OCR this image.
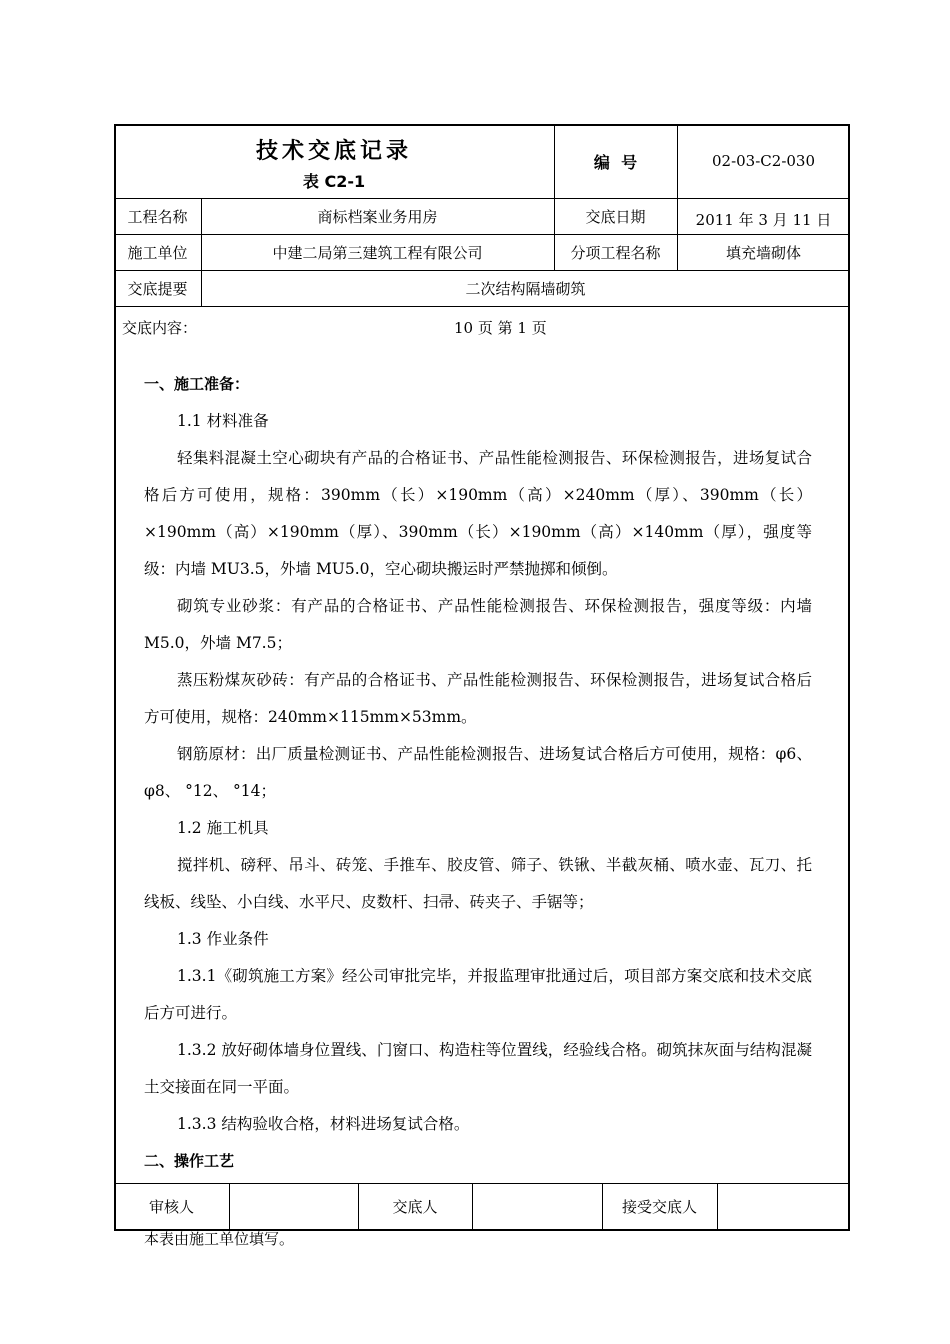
技术交底记录
表 C2-1
编  号	02-03-C2-030
工程名称	商标档案业务用房	交底日期	2011 年 3 月 11 日
施工单位	中建二局第三建筑工程有限公司	分项工程名称	填充墙砌体
交底提要	二次结构隔墙砌筑
交底内容：	10 页 第 1 页
审核人	交底人	接受交底人

一、施工准备：

1.1 材料准备

轻集料混凝土空心砌块有产品的合格证书、产品性能检测报告、环保检测报告，进场复试合格后方可使用，规格：390mm（长）×190mm（高）×240mm（厚）、390mm（长）×190mm（高）×190mm（厚）、390mm（长）×190mm（高）×140mm（厚），强度等级：内墙 MU3.5，外墙 MU5.0，空心砌块搬运时严禁抛掷和倾倒。

砌筑专业砂浆：有产品的合格证书、产品性能检测报告、环保检测报告，强度等级：内墙 M5.0，外墙 M7.5；

蒸压粉煤灰砂砖：有产品的合格证书、产品性能检测报告、环保检测报告，进场复试合格后方可使用，规格：240mm×115mm×53mm。

钢筋原材：出厂质量检测证书、产品性能检测报告、进场复试合格后方可使用，规格：φ6、φ8、 °12、 °14；

1.2 施工机具

搅拌机、磅秤、吊斗、砖笼、手推车、胶皮管、筛子、铁锹、半截灰桶、喷水壶、瓦刀、托线板、线坠、小白线、水平尺、皮数杆、扫帚、砖夹子、手锯等；

1.3 作业条件

1.3.1《砌筑施工方案》经公司审批完毕，并报监理审批通过后，项目部方案交底和技术交底后方可进行。

1.3.2 放好砌体墙身位置线、门窗口、构造柱等位置线，经验线合格。砌筑抹灰面与结构混凝土交接面在同一平面。

1.3.3 结构验收合格，材料进场复试合格。

二、操作工艺

本表由施工单位填写。
